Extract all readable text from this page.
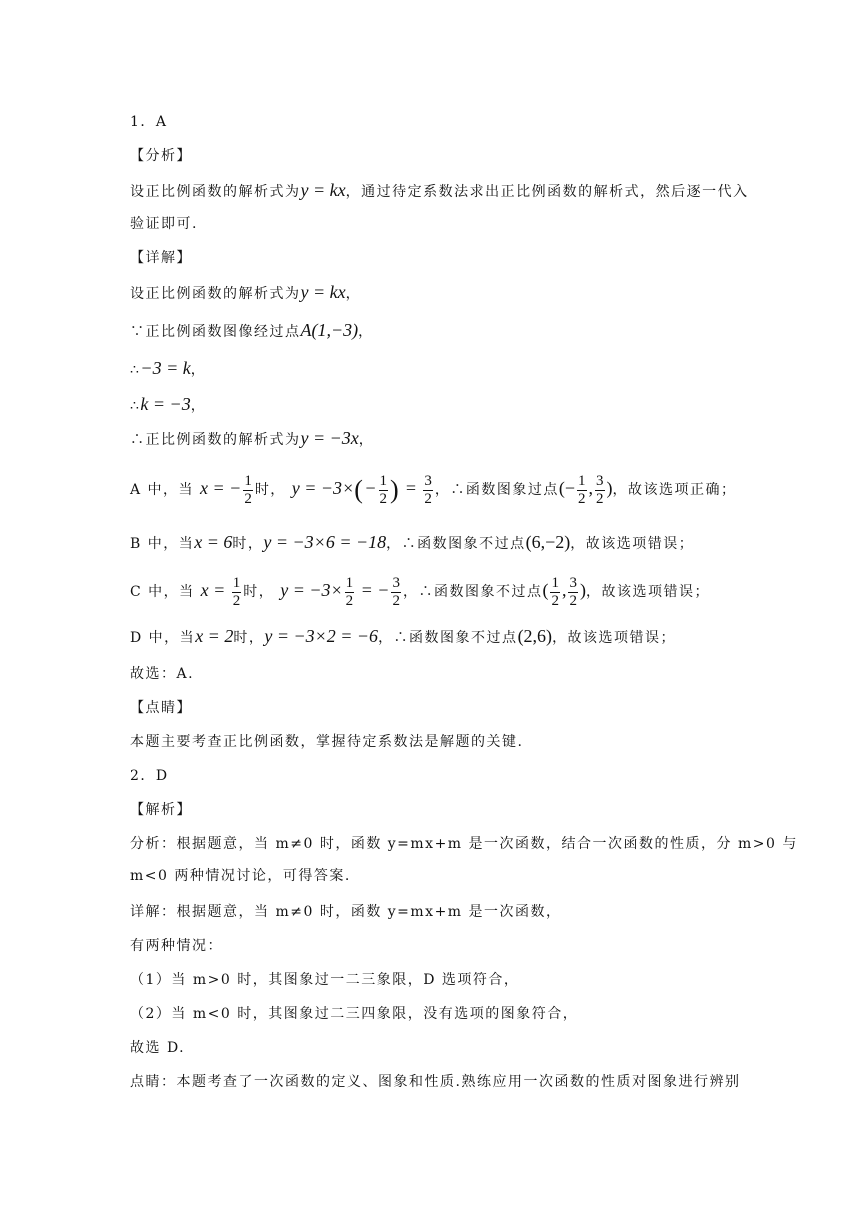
1．A
【分析】
设正比例函数的解析式为y = kx，通过待定系数法求出正比例函数的解析式，然后逐一代入
验证即可.
【详解】
设正比例函数的解析式为y = kx，
∵正比例函数图像经过点A(1,−3)，
∴−3 = k，
∴k = −3，
∴正比例函数的解析式为y = −3x，
A 中，当 x = − $\frac{1}{2}$ 时， $y = -3\times(- \frac{1}{2}$ ) = $\frac{3}{2}$ ，∴函数图象过点(− $\frac{1}{2}$ , $\frac{3}{2}$ )，故该选项正确；
B 中，当x = 6时，y = −3×6 = −18，∴函数图象不过点(6,−2)，故该选项错误；
C 中，当 $x = \frac{1}{2}$ 时， $y = -3\times \frac{1}{2}$ = − $\frac{3}{2}$ ，∴函数图象不过点( $\frac{1}{2}$ , $\frac{3}{2}$ )，故该选项错误；
D 中，当x = 2时，y = −3×2 = −6，∴函数图象不过点(2,6)，故该选项错误；
故选：A.
【点睛】
本题主要考查正比例函数，掌握待定系数法是解题的关键.
2．D
【解析】
分析：根据题意，当 m≠0 时，函数 y=mx+m 是一次函数，结合一次函数的性质，分 m>0 与
m<0 两种情况讨论，可得答案.
详解：根据题意，当 m≠0 时，函数 y=mx+m 是一次函数，
有两种情况：
（1）当 m>0 时，其图象过一二三象限，D 选项符合，
（2）当 m<0 时，其图象过二三四象限，没有选项的图象符合，
故选 D.
点睛：本题考查了一次函数的定义、图象和性质.熟练应用一次函数的性质对图象进行辨别
